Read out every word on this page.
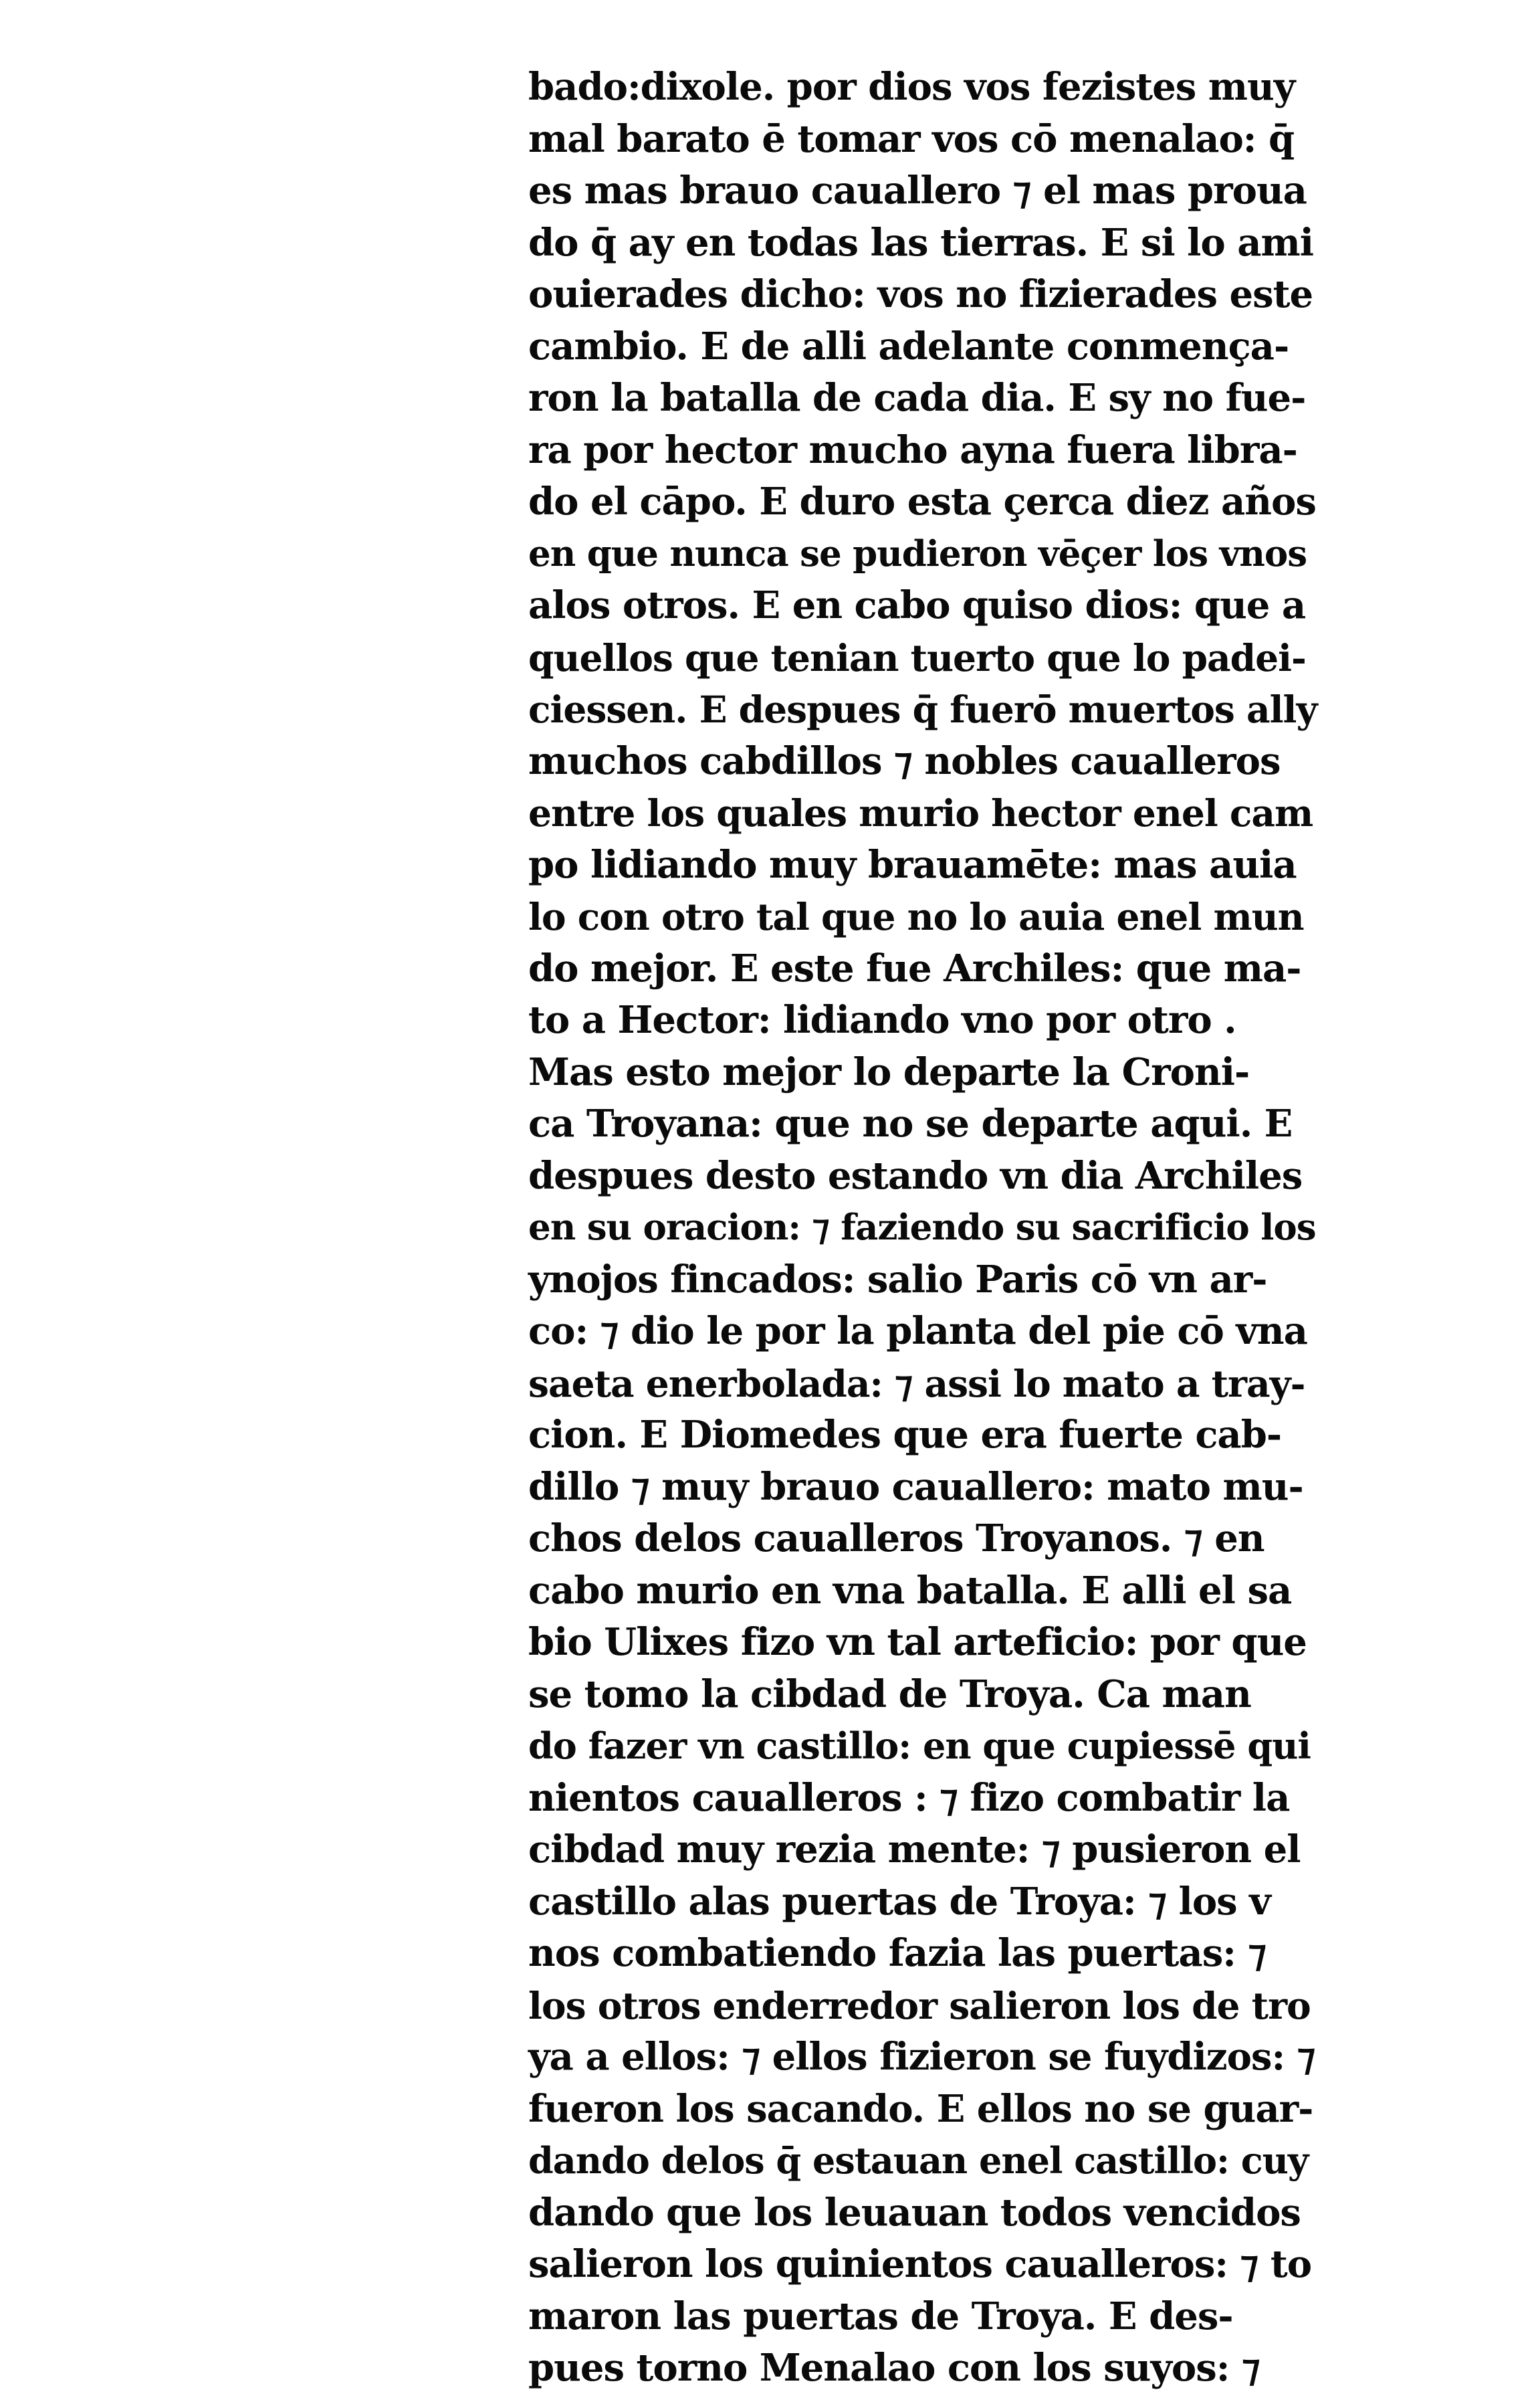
bado:dixole. por dios vos fezistes muy
mal barato ē tomar vos cō menalao: q̄
es mas brauo cauallero ⁊ el mas proua
do q̄ ay en todas las tierras. E si lo ami
ouierades dicho: vos no fizierades este
cambio. E de alli adelante conmença-
ron la batalla de cada dia. E sy no fue-
ra por hector mucho ayna fuera libra-
do el cāpo. E duro esta çerca diez años
en que nunca se pudieron vēçer los vnos
alos otros. E en cabo quiso dios: que a
quellos que tenian tuerto que lo padei-
ciessen. E despues q̄ fuerō muertos ally
muchos cabdillos ⁊ nobles caualleros
entre los quales murio hector enel cam
po lidiando muy brauamēte: mas auia
lo con otro tal que no lo auia enel mun
do mejor. E este fue Archiles: que ma-
to a Hector: lidiando vno por otro .
Mas esto mejor lo departe la Croni-
ca Troyana: que no se departe aqui. E
despues desto estando vn dia Archiles
en su oracion: ⁊ faziendo su sacrificio los
ynojos fincados: salio Paris cō vn ar-
co: ⁊ dio le por la planta del pie cō vna
saeta enerbolada: ⁊ assi lo mato a tray-
cion. E Diomedes que era fuerte cab-
dillo ⁊ muy brauo cauallero: mato mu-
chos delos caualleros Troyanos. ⁊ en
cabo murio en vna batalla. E alli el sa
bio Ulixes fizo vn tal arteficio: por que
se tomo la cibdad de Troya. Ca man
do fazer vn castillo: en que cupiessē qui
nientos caualleros : ⁊ fizo combatir la
cibdad muy rezia mente: ⁊ pusieron el
castillo alas puertas de Troya: ⁊ los v
nos combatiendo fazia las puertas: ⁊
los otros enderredor salieron los de tro
ya a ellos: ⁊ ellos fizieron se fuydizos: ⁊
fueron los sacando. E ellos no se guar-
dando delos q̄ estauan enel castillo: cuy
dando que los leuauan todos vencidos
salieron los quinientos caualleros: ⁊ to
maron las puertas de Troya. E des-
pues torno Menalao con los suyos: ⁊
